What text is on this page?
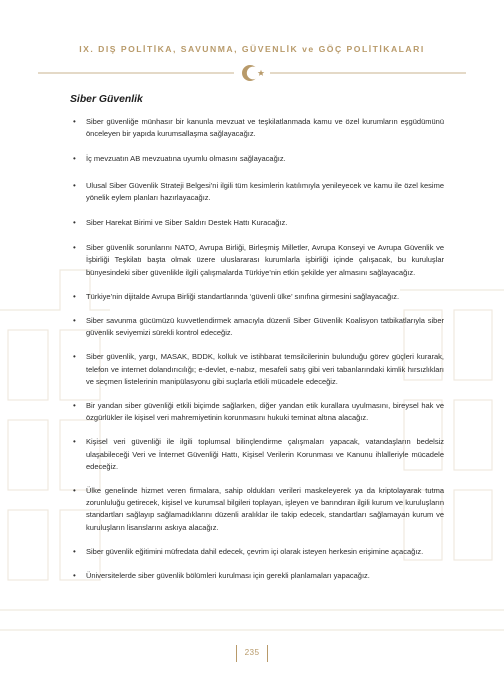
IX. DIŞ POLİTİKA, SAVUNMA, GÜVENLİK ve GÖÇ POLİTİKALARI
Siber Güvenlik
• Siber güvenliğe münhasır bir kanunla mevzuat ve teşkilatlanmada kamu ve özel kurumların eşgüdümünü önceleyen bir yapıda kurumsallaşma sağlayacağız.
• İç mevzuatın AB mevzuatına uyumlu olmasını sağlayacağız.
• Ulusal Siber Güvenlik Strateji Belgesi’ni ilgili tüm kesimlerin katılımıyla yenileyecek ve kamu ile özel kesime yönelik eylem planları hazırlayacağız.
• Siber Harekat Birimi ve Siber Saldırı Destek Hattı Kuracağız.
• Siber güvenlik sorunlarını NATO, Avrupa Birliği, Birleşmiş Milletler, Avrupa Konseyi ve Avrupa Güvenlik ve İşbirliği Teşkilatı başta olmak üzere uluslararası kurumlarla işbirliği içinde çalışacak, bu kuruluşlar bünyesindeki siber güvenlikle ilgili çalışmalarda Türkiye’nin etkin şekilde yer almasını sağlayacağız.
• Türkiye’nin dijitalde Avrupa Birliği standartlarında ‘güvenli ülke’ sınıfına girmesini sağlayacağız.
• Siber savunma gücümüzü kuvvetlendirmek amacıyla düzenli Siber Güvenlik Koalisyon tatbikatlarıyla siber güvenlik seviyemizi sürekli kontrol edeceğiz.
• Siber güvenlik, yargı, MASAK, BDDK, kolluk ve istihbarat temsilcilerinin bulunduğu görev güçleri kurarak, telefon ve internet dolandırıcılığı; e-devlet, e-nabız, mesafeli satış gibi veri tabanlarındaki kimlik hırsızlıkları ve seçmen listelerinin manipülasyonu gibi suçlarla etkili mücadele edeceğiz.
• Bir yandan siber güvenliği etkili biçimde sağlarken, diğer yandan etik kurallara uyulmasını, bireysel hak ve özgürlükler ile kişisel veri mahremiyetinin korunmasını hukuki teminat altına alacağız.
• Kişisel veri güvenliği ile ilgili toplumsal bilinçlendirme çalışmaları yapacak, vatandaşların bedelsiz ulaşabileceği Veri ve İnternet Güvenliği Hattı, Kişisel Verilerin Korunması ve Kanunu ihlalleriyle mücadele edeceğiz.
• Ülke genelinde hizmet veren firmalara, sahip oldukları verileri maskeleyerek ya da kriptolayarak tutma zorunluluğu getirecek, kişisel ve kurumsal bilgileri toplayan, işleyen ve barındıran ilgili kurum ve kuruluşların standartları sağlayıp sağlamadıklarını düzenli aralıklar ile takip edecek, standartları sağlamayan kurum ve kuruluşların lisanslarını askıya alacağız.
• Siber güvenlik eğitimini müfredata dahil edecek, çevrim içi olarak isteyen herkesin erişimine açacağız.
• Üniversitelerde siber güvenlik bölümleri kurulması için gerekli planlamaları yapacağız.
235
